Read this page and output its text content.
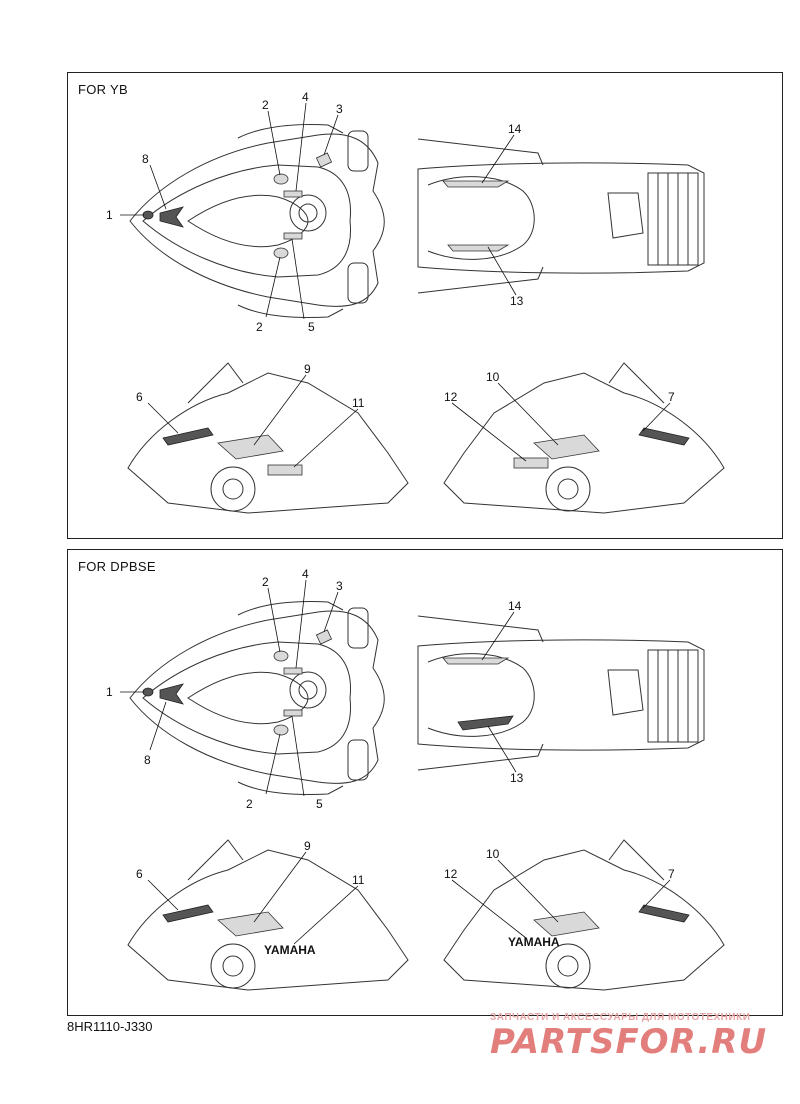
FOR YB
1
2
2
3
4
5
6	7
8
9
10
11	12
13
14
FOR DPBSE
YAMAHA
YAMAHA
1
2
2
3
4
5
6	7
8
9
10
11	12
13
14
8HR1110-J330
ЗАПЧАСТИ И АКСЕССУАРЫ ДЛЯ МОТОТЕХНИКИ
PARTSFOR.RU
